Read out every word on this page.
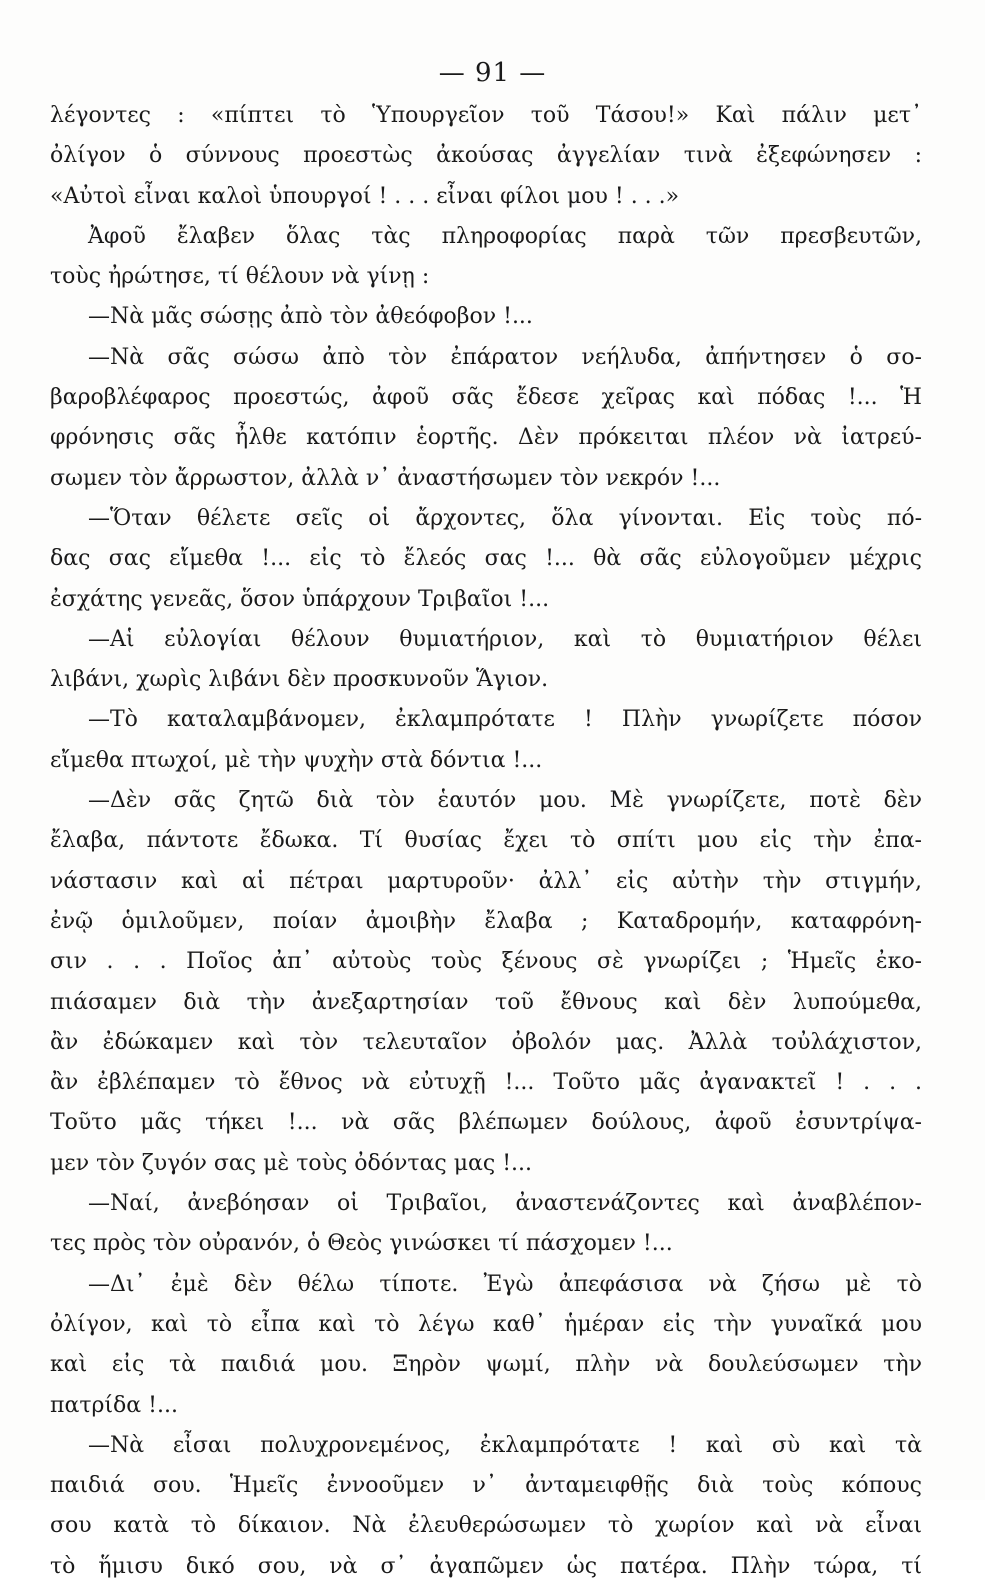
— 91 —
λέγοντες : «πίπτει τὸ Ὑπουργεῖον τοῦ Τάσου!» Καὶ πάλιν μετ᾽
ὀλίγον ὁ σύννους προεστὼς ἀκούσας ἀγγελίαν τινὰ ἐξεφώνησεν :
«Αὐτοὶ εἶναι καλοὶ ὑπουργοί ! . . . εἶναι φίλοι μου ! . . .»
Ἀφοῦ ἔλαβεν ὅλας τὰς πληροφορίας παρὰ τῶν πρεσβευτῶν,
τοὺς ἠρώτησε, τί θέλουν νὰ γίνῃ :
—Νὰ μᾶς σώσῃς ἀπὸ τὸν ἀθεόφοβον !...
—Νὰ σᾶς σώσω ἀπὸ τὸν ἐπάρατον νεήλυδα, ἀπήντησεν ὁ σο-
βαροβλέφαρος προεστώς, ἀφοῦ σᾶς ἔδεσε χεῖρας καὶ πόδας !... Ἡ
φρόνησις σᾶς ἦλθε κατόπιν ἑορτῆς. Δὲν πρόκειται πλέον νὰ ἰατρεύ-
σωμεν τὸν ἄρρωστον, ἀλλὰ ν᾽ ἀναστήσωμεν τὸν νεκρόν !...
—Ὅταν θέλετε σεῖς οἱ ἄρχοντες, ὅλα γίνονται. Εἰς τοὺς πό-
δας σας εἴμεθα !... εἰς τὸ ἔλεός σας !... θὰ σᾶς εὐλογοῦμεν μέχρις
ἐσχάτης γενεᾶς, ὅσον ὑπάρχουν Τριβαῖοι !...
—Αἱ εὐλογίαι θέλουν θυμιατήριον, καὶ τὸ θυμιατήριον θέλει
λιβάνι, χωρὶς λιβάνι δὲν προσκυνοῦν Ἅγιον.
—Τὸ καταλαμβάνομεν, ἐκλαμπρότατε ! Πλὴν γνωρίζετε πόσον
εἴμεθα πτωχοί, μὲ τὴν ψυχὴν στὰ δόντια !...
—Δὲν σᾶς ζητῶ διὰ τὸν ἑαυτόν μου. Μὲ γνωρίζετε, ποτὲ δὲν
ἔλαβα, πάντοτε ἔδωκα. Τί θυσίας ἔχει τὸ σπίτι μου εἰς τὴν ἐπα-
νάστασιν καὶ αἱ πέτραι μαρτυροῦν· ἀλλ᾽ εἰς αὐτὴν τὴν στιγμήν,
ἐνῷ ὁμιλοῦμεν, ποίαν ἀμοιβὴν ἔλαβα ; Καταδρομήν, καταφρόνη-
σιν . . . Ποῖος ἀπ᾽ αὐτοὺς τοὺς ξένους σὲ γνωρίζει ; Ἡμεῖς ἐκο-
πιάσαμεν διὰ τὴν ἀνεξαρτησίαν τοῦ ἔθνους καὶ δὲν λυπούμεθα,
ἂν ἐδώκαμεν καὶ τὸν τελευταῖον ὀβολόν μας. Ἀλλὰ τοὐλάχιστον,
ἂν ἐβλέπαμεν τὸ ἔθνος νὰ εὐτυχῇ !... Τοῦτο μᾶς ἀγανακτεῖ ! . . .
Τοῦτο μᾶς τήκει !... νὰ σᾶς βλέπωμεν δούλους, ἀφοῦ ἐσυντρίψα-
μεν τὸν ζυγόν σας μὲ τοὺς ὀδόντας μας !...
—Ναί, ἀνεβόησαν οἱ Τριβαῖοι, ἀναστενάζοντες καὶ ἀναβλέπον-
τες πρὸς τὸν οὐρανόν, ὁ Θεὸς γινώσκει τί πάσχομεν !...
—Δι᾽ ἐμὲ δὲν θέλω τίποτε. Ἐγὼ ἀπεφάσισα νὰ ζήσω μὲ τὸ
ὀλίγον, καὶ τὸ εἶπα καὶ τὸ λέγω καθ᾽ ἡμέραν εἰς τὴν γυναῖκά μου
καὶ εἰς τὰ παιδιά μου. Ξηρὸν ψωμί, πλὴν νὰ δουλεύσωμεν τὴν
πατρίδα !...
—Νὰ εἶσαι πολυχρονεμένος, ἐκλαμπρότατε ! καὶ σὺ καὶ τὰ
παιδιά σου. Ἡμεῖς ἐννοοῦμεν ν᾽ ἀνταμειφθῇς διὰ τοὺς κόπους
σου κατὰ τὸ δίκαιον. Νὰ ἐλευθερώσωμεν τὸ χωρίον καὶ νὰ εἶναι
τὸ ἥμισυ δικό σου, νὰ σ᾽ ἀγαπῶμεν ὡς πατέρα. Πλὴν τώρα, τί
